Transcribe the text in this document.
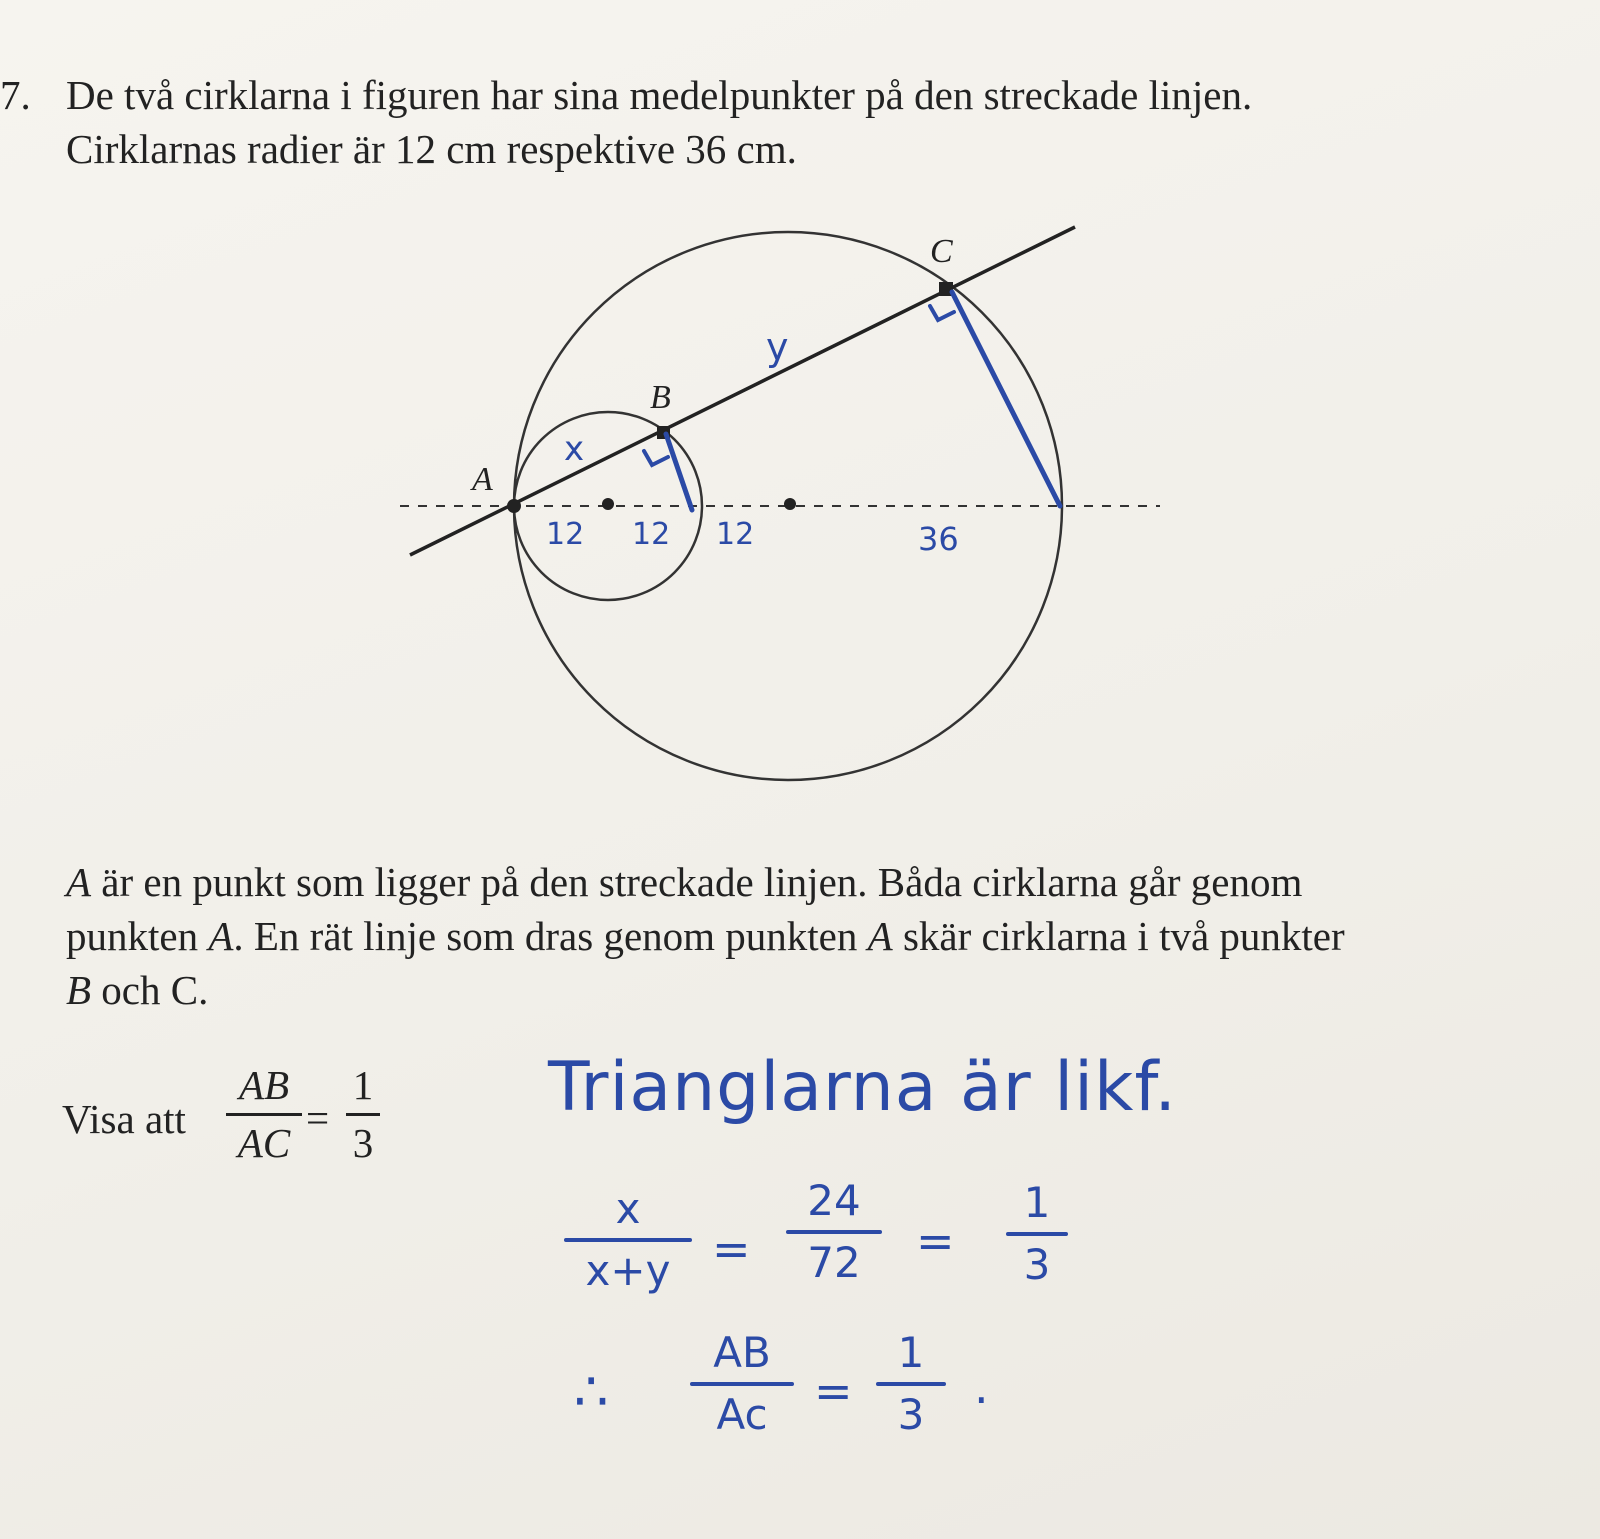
7. De två cirklarna i figuren har sina medelpunkter på den streckade linjen.

Cirklarnas radier är 12 cm respektive 36 cm.

A
B
C
x
y
12 12 12	36

A är en punkt som ligger på den streckade linjen. Båda cirklarna går genom

punkten A. En rät linje som dras genom punkten A skär cirklarna i två punkter

B och C.

Visa att

AB
AC
=
1
3
Trianglarna är likf.
x
x+y =
24
72 =
1
3
∴
AB
Ac =
1
3
.
